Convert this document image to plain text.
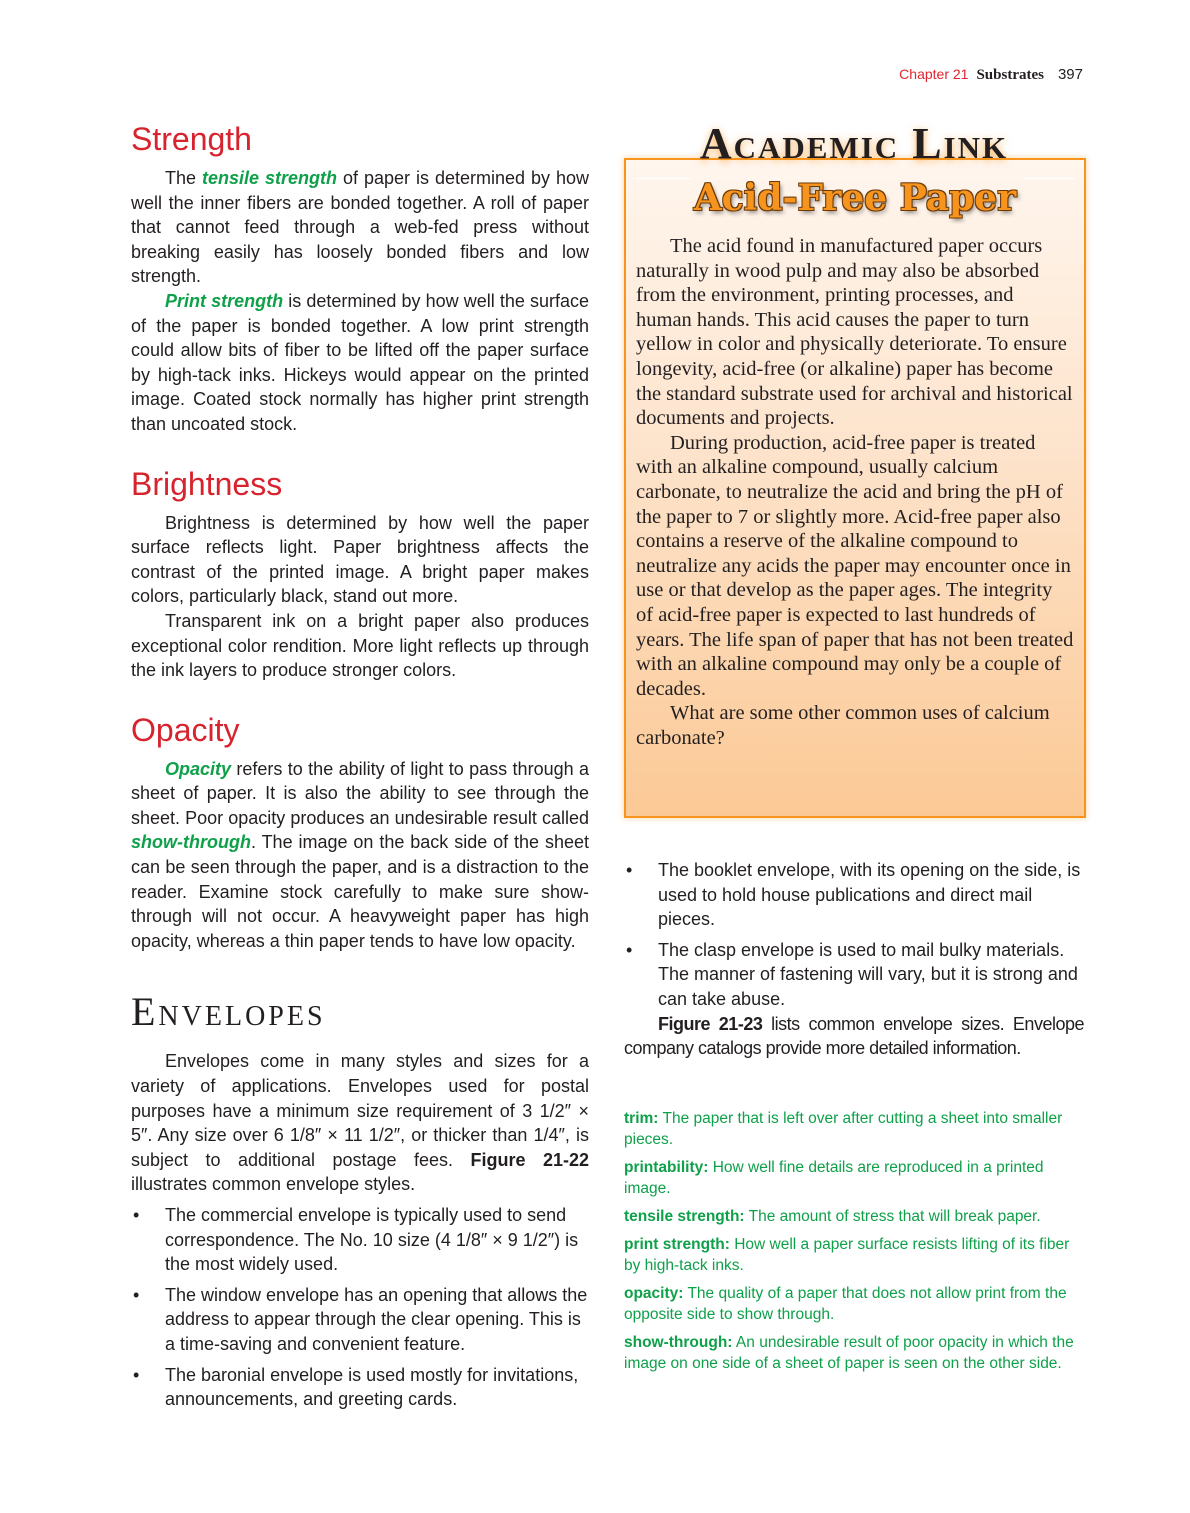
Chapter 21 Substrates 397
Strength

The tensile strength of paper is determined by how well the inner fibers are bonded together. A roll of paper that cannot feed through a web-fed press without breaking easily has loosely bonded fibers and low strength.

Print strength is determined by how well the surface of the paper is bonded together. A low print strength could allow bits of fiber to be lifted off the paper surface by high-tack inks. Hickeys would appear on the printed image. Coated stock normally has higher print strength than uncoated stock.

Brightness

Brightness is determined by how well the paper surface reflects light. Paper brightness affects the contrast of the printed image. A bright paper makes colors, particularly black, stand out more.

Transparent ink on a bright paper also produces exceptional color rendition. More light reflects up through the ink layers to produce stronger colors.

Opacity

Opacity refers to the ability of light to pass through a sheet of paper. It is also the ability to see through the sheet. Poor opacity produces an undesirable result called show-through. The image on the back side of the sheet can be seen through the paper, and is a distraction to the reader. Examine stock carefully to make sure show-through will not occur. A heavyweight paper has high opacity, whereas a thin paper tends to have low opacity.

Envelopes

Envelopes come in many styles and sizes for a variety of applications. Envelopes used for postal purposes have a minimum size requirement of 3 1/2″ × 5″. Any size over 6 1/8″ × 11 1/2″, or thicker than 1/4″, is subject to additional postage fees. Figure 21-22 illustrates common envelope styles.

• The commercial envelope is typically used to send correspondence. The No. 10 size (4 1/8″ × 9 1/2″) is the most widely used.
• The window envelope has an opening that allows the address to appear through the clear opening. This is a time-saving and convenient feature.
• The baronial envelope is used mostly for invitations, announcements, and greeting cards.
Academic Link
Acid-Free Paper

The acid found in manufactured paper occurs naturally in wood pulp and may also be absorbed from the environment, printing processes, and human hands. This acid causes the paper to turn yellow in color and physically deteriorate. To ensure longevity, acid-free (or alkaline) paper has become the standard substrate used for archival and historical documents and projects.

During production, acid-free paper is treated with an alkaline compound, usually calcium carbonate, to neutralize the acid and bring the pH of the paper to 7 or slightly more. Acid-free paper also contains a reserve of the alkaline compound to neutralize any acids the paper may encounter once in use or that develop as the paper ages. The integrity of acid-free paper is expected to last hundreds of years. The life span of paper that has not been treated with an alkaline compound may only be a couple of decades.

What are some other common uses of calcium carbonate?

• The booklet envelope, with its opening on the side, is used to hold house publications and direct mail pieces.
• The clasp envelope is used to mail bulky materials. The manner of fastening will vary, but it is strong and can take abuse.

Figure 21-23 lists common envelope sizes. Envelope company catalogs provide more detailed information.

trim: The paper that is left over after cutting a sheet into smaller pieces.
printability: How well fine details are reproduced in a printed image.
tensile strength: The amount of stress that will break paper.
print strength: How well a paper surface resists lifting of its fiber by high-tack inks.
opacity: The quality of a paper that does not allow print from the opposite side to show through.
show-through: An undesirable result of poor opacity in which the image on one side of a sheet of paper is seen on the other side.
